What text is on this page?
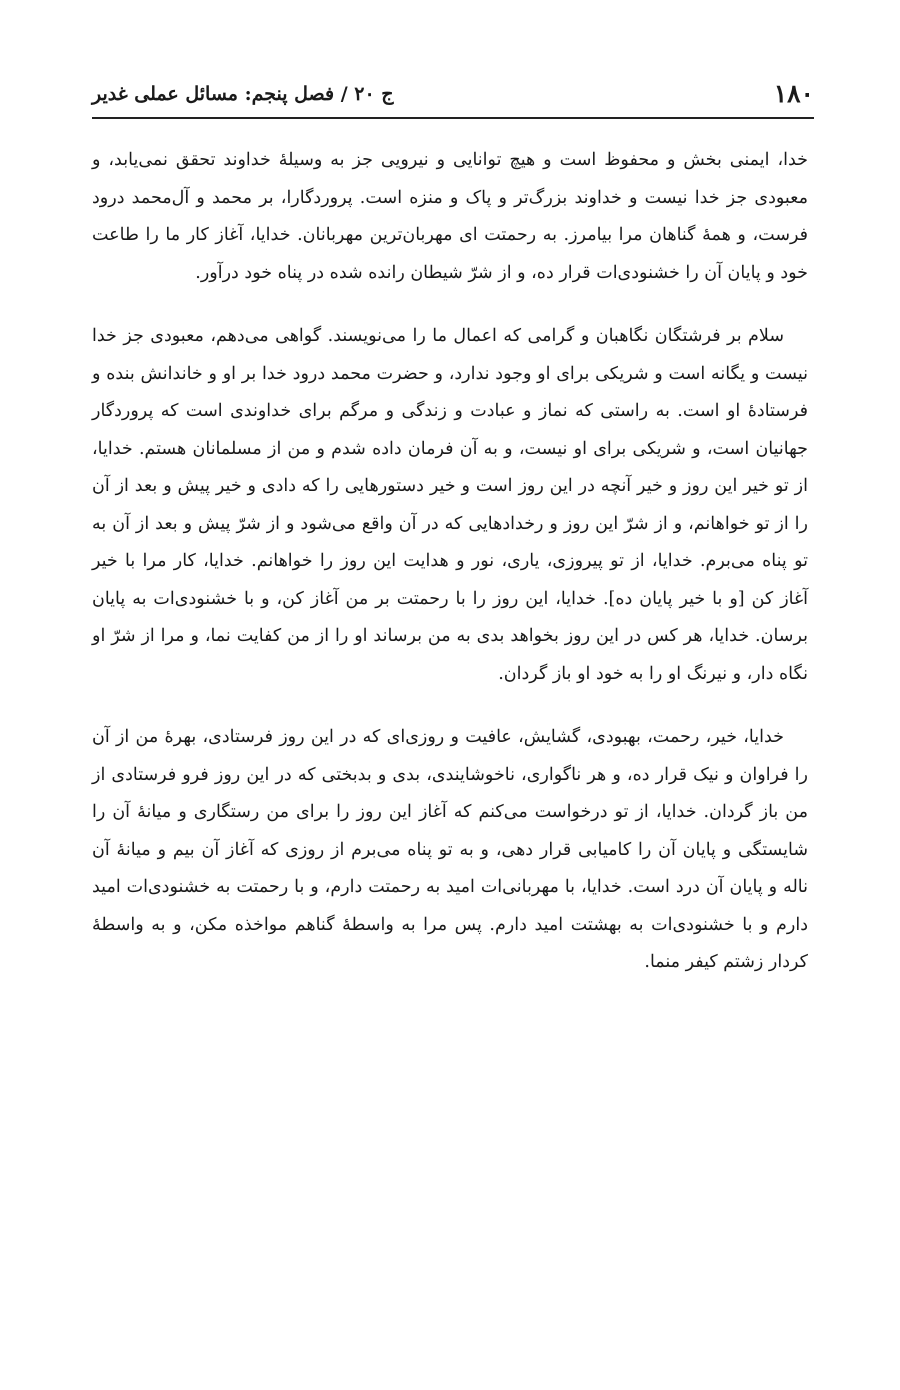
۱۸۰
ج ۲۰ / فصل پنجم: مسائل عملی غدیر

خدا، ایمنی بخش و محفوظ است و هیچ توانایی و نیرویی جز به وسیلهٔ خداوند تحقق نمی‌یابد، و معبودی جز خدا نیست و خداوند بزرگ‌تر و پاک و منزه است. پروردگارا، بر محمد و آل‌محمد درود فرست، و همهٔ گناهان مرا بیامرز. به رحمتت ای مهربان‌ترین مهربانان. خدایا، آغاز کار ما را طاعت خود و پایان آن را خشنودی‌ات قرار ده، و از شرّ شیطان رانده شده در پناه خود درآور.

سلام بر فرشتگان نگاهبان و گرامی که اعمال ما را می‌نویسند. گواهی می‌دهم، معبودی جز خدا نیست و یگانه است و شریکی برای او وجود ندارد، و حضرت محمد درود خدا بر او و خاندانش بنده و فرستادهٔ او است. به راستی که نماز و عبادت و زندگی و مرگم برای خداوندی است که پروردگار جهانیان است، و شریکی برای او نیست، و به آن فرمان داده شدم و من از مسلمانان هستم. خدایا، از تو خیر این روز و خیر آنچه در این روز است و خیر دستورهایی را که دادی و خیر پیش و بعد از آن را از تو خواهانم، و از شرّ این روز و رخدادهایی که در آن واقع می‌شود و از شرّ پیش و بعد از آن به تو پناه می‌برم. خدایا، از تو پیروزی، یاری، نور و هدایت این روز را خواهانم. خدایا، کار مرا با خیر آغاز کن [و با خیر پایان ده]. خدایا، این روز را با رحمتت بر من آغاز کن، و با خشنودی‌ات به پایان برسان. خدایا، هر کس در این روز بخواهد بدی به من برساند او را از من کفایت نما، و مرا از شرّ او نگاه دار، و نیرنگ او را به خود او باز گردان.

خدایا، خیر، رحمت، بهبودی، گشایش، عافیت و روزی‌ای که در این روز فرستادی، بهرهٔ من از آن را فراوان و نیک قرار ده، و هر ناگواری، ناخوشایندی، بدی و بدبختی که در این روز فرو فرستادی از من باز گردان. خدایا، از تو درخواست می‌کنم که آغاز این روز را برای من رستگاری و میانهٔ آن را شایستگی و پایان آن را کامیابی قرار دهی، و به تو پناه می‌برم از روزی که آغاز آن بیم و میانهٔ آن ناله و پایان آن درد است. خدایا، با مهربانی‌ات امید به رحمتت دارم، و با رحمتت به خشنودی‌ات امید دارم و با خشنودی‌ات به بهشتت امید دارم. پس مرا به واسطهٔ گناهم مواخذه مکن، و به واسطهٔ کردار زشتم کیفر منما.
